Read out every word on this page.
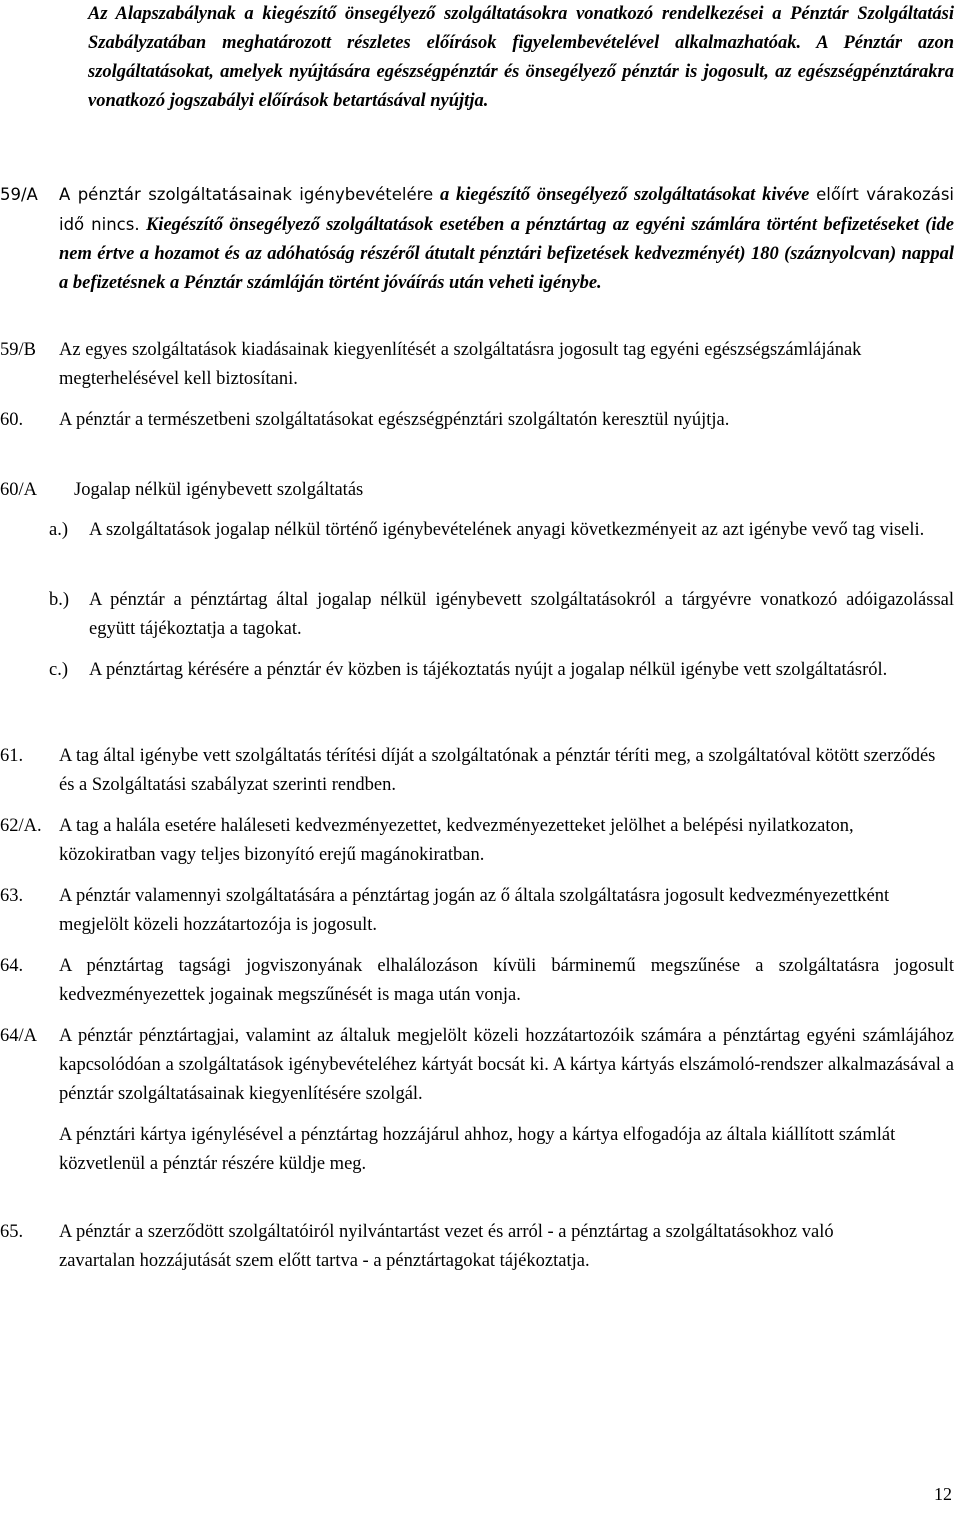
Az Alapszabálynak a kiegészítő önsegélyező szolgáltatásokra vonatkozó rendelkezései a Pénztár Szolgáltatási Szabályzatában meghatározott részletes előírások figyelembevételével alkalmazhatóak. A Pénztár azon szolgáltatásokat, amelyek nyújtására egészségpénztár és önsegélyező pénztár is jogosult, az egészségpénztárakra vonatkozó jogszabályi előírások betartásával nyújtja.
59/A A pénztár szolgáltatásainak igénybevételére a kiegészítő önsegélyező szolgáltatásokat kivéve előírt várakozási idő nincs. Kiegészítő önsegélyező szolgáltatások esetében a pénztártag az egyéni számlára történt befizetéseket (ide nem értve a hozamot és az adóhatóság részéről átutalt pénztári befizetések kedvezményét) 180 (száznyolcvan) nappal a befizetésnek a Pénztár számláján történt jóváírás után veheti igénybe.
59/B Az egyes szolgáltatások kiadásainak kiegyenlítését a szolgáltatásra jogosult tag egyéni egészségszámlájának megterhelésével kell biztosítani.
60. A pénztár a természetbeni szolgáltatásokat egészségpénztári szolgáltatón keresztül nyújtja.
60/A Jogalap nélkül igénybevett szolgáltatás
a.) A szolgáltatások jogalap nélkül történő igénybevételének anyagi következményeit az azt igénybe vevő tag viseli.
b.) A pénztár a pénztártag által jogalap nélkül igénybevett szolgáltatásokról a tárgyévre vonatkozó adóigazolással együtt tájékoztatja a tagokat.
c.) A pénztártag kérésére a pénztár év közben is tájékoztatás nyújt a jogalap nélkül igénybe vett szolgáltatásról.
61. A tag által igénybe vett szolgáltatás térítési díját a szolgáltatónak a pénztár téríti meg, a szolgáltatóval kötött szerződés és a Szolgáltatási szabályzat szerinti rendben.
62/A. A tag a halála esetére haláleseti kedvezményezettet, kedvezményezetteket jelölhet a belépési nyilatkozaton, közokiratban vagy teljes bizonyító erejű magánokiratban.
63. A pénztár valamennyi szolgáltatására a pénztártag jogán az ő általa szolgáltatásra jogosult kedvezményezettként megjelölt közeli hozzátartozója is jogosult.
64. A pénztártag tagsági jogviszonyának elhalálozáson kívüli bárminemű megszűnése a szolgáltatásra jogosult kedvezményezettek jogainak megszűnését is maga után vonja.
64/A A pénztár pénztártagjai, valamint az általuk megjelölt közeli hozzátartozóik számára a pénztártag egyéni számlájához kapcsolódóan a szolgáltatások igénybevételéhez kártyát bocsát ki. A kártya kártyás elszámoló-rendszer alkalmazásával a pénztár szolgáltatásainak kiegyenlítésére szolgál.
A pénztári kártya igénylésével a pénztártag hozzájárul ahhoz, hogy a kártya elfogadója az általa kiállított számlát közvetlenül a pénztár részére küldje meg.
65. A pénztár a szerződött szolgáltatóiról nyilvántartást vezet és arról - a pénztártag a szolgáltatásokhoz való zavartalan hozzájutását szem előtt tartva - a pénztártagokat tájékoztatja.
12
